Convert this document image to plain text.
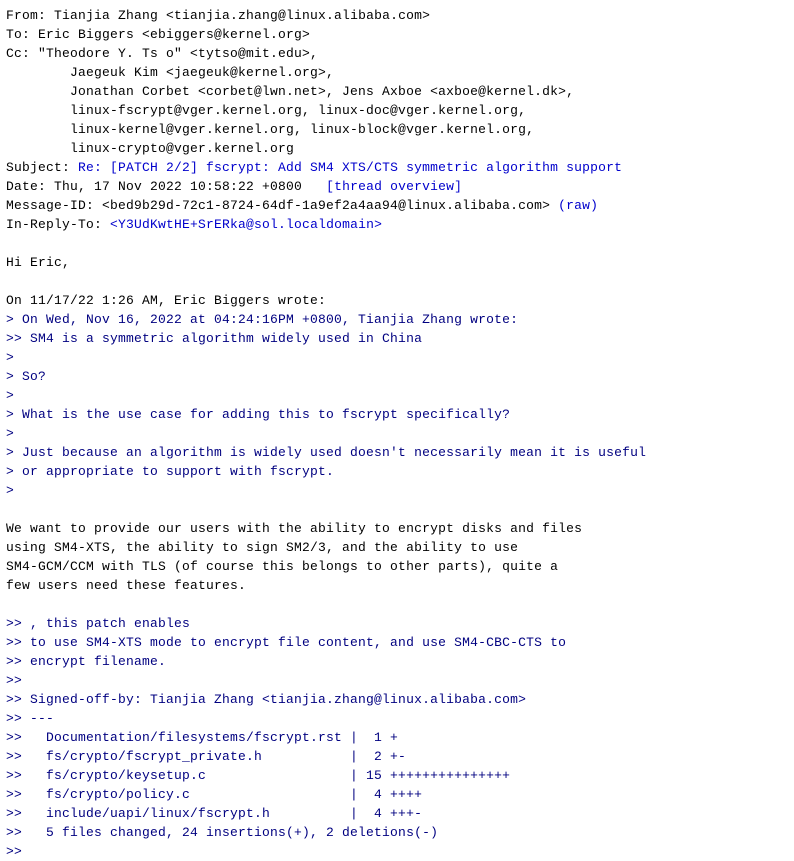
From: Tianjia Zhang <tianjia.zhang@linux.alibaba.com>
To: Eric Biggers <ebiggers@kernel.org>
Cc: "Theodore Y. Ts o" <tytso@mit.edu>,
Jaegeuk Kim <jaegeuk@kernel.org>,
Jonathan Corbet <corbet@lwn.net>, Jens Axboe <axboe@kernel.dk>,
linux-fscrypt@vger.kernel.org, linux-doc@vger.kernel.org,
linux-kernel@vger.kernel.org, linux-block@vger.kernel.org,
linux-crypto@vger.kernel.org
Subject: Re: [PATCH 2/2] fscrypt: Add SM4 XTS/CTS symmetric algorithm support
Date: Thu, 17 Nov 2022 10:58:22 +0800   [thread overview]
Message-ID: <bed9b29d-72c1-8724-64df-1a9ef2a4aa94@linux.alibaba.com> (raw)
In-Reply-To: <Y3UdKwtHE+SrERka@sol.localdomain>
Hi Eric,
On 11/17/22 1:26 AM, Eric Biggers wrote:
> On Wed, Nov 16, 2022 at 04:24:16PM +0800, Tianjia Zhang wrote:
>> SM4 is a symmetric algorithm widely used in China
>
> So?
>
> What is the use case for adding this to fscrypt specifically?
>
> Just because an algorithm is widely used doesn't necessarily mean it is useful
> or appropriate to support with fscrypt.
>
We want to provide our users with the ability to encrypt disks and files
using SM4-XTS, the ability to sign SM2/3, and the ability to use
SM4-GCM/CCM with TLS (of course this belongs to other parts), quite a
few users need these features.
>> , this patch enables
>> to use SM4-XTS mode to encrypt file content, and use SM4-CBC-CTS to
>> encrypt filename.
>>
>> Signed-off-by: Tianjia Zhang <tianjia.zhang@linux.alibaba.com>
>> ---
>>   Documentation/filesystems/fscrypt.rst |  1 +
>>   fs/crypto/fscrypt_private.h           |  2 +-
>>   fs/crypto/keysetup.c                  | 15 +++++++++++++++
>>   fs/crypto/policy.c                    |  4 ++++
>>   include/uapi/linux/fscrypt.h          |  4 +++-
>>   5 files changed, 24 insertions(+), 2 deletions(-)
>>
